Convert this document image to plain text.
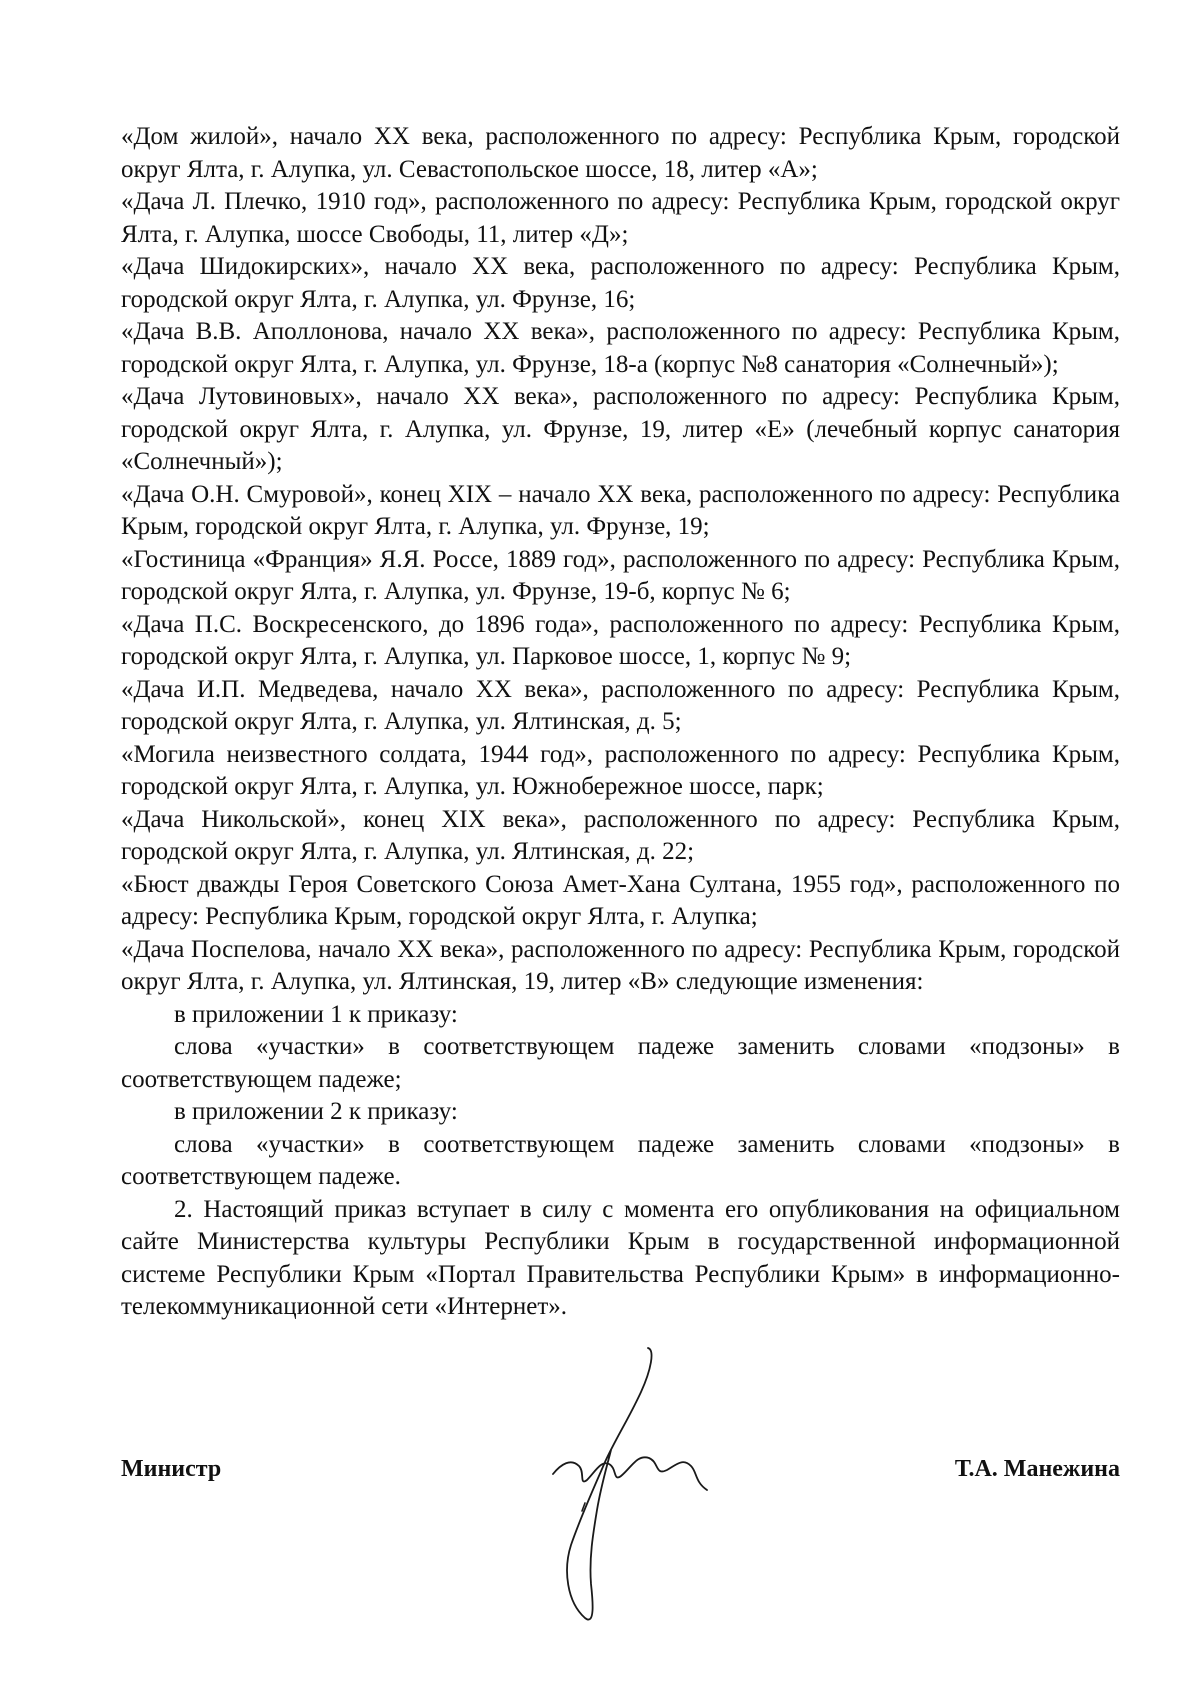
«Дом жилой», начало XX века, расположенного по адресу: Республика Крым, городской округ Ялта, г. Алупка, ул. Севастопольское шоссе, 18, литер «А»;

«Дача Л. Плечко, 1910 год», расположенного по адресу: Республика Крым, городской округ Ялта, г. Алупка, шоссе Свободы, 11, литер «Д»;

«Дача Шидокирских», начало XX века, расположенного по адресу: Республика Крым, городской округ Ялта, г. Алупка, ул. Фрунзе, 16;

«Дача В.В. Аполлонова, начало XX века», расположенного по адресу: Республика Крым, городской округ Ялта, г. Алупка, ул. Фрунзе, 18-а (корпус №8 санатория «Солнечный»);

«Дача Лутовиновых», начало XX века», расположенного по адресу: Республика Крым, городской округ Ялта, г. Алупка, ул. Фрунзе, 19, литер «Е» (лечебный корпус санатория «Солнечный»);

«Дача О.Н. Смуровой», конец XIX – начало XX века, расположенного по адресу: Республика Крым, городской округ Ялта, г. Алупка, ул. Фрунзе, 19;

«Гостиница «Франция» Я.Я. Россе, 1889 год», расположенного по адресу: Республика Крым, городской округ Ялта, г. Алупка, ул. Фрунзе, 19-б, корпус № 6;

«Дача П.С. Воскресенского, до 1896 года», расположенного по адресу: Республика Крым, городской округ Ялта, г. Алупка, ул. Парковое шоссе, 1, корпус № 9;

«Дача И.П. Медведева, начало XX века», расположенного по адресу: Республика Крым, городской округ Ялта, г. Алупка, ул. Ялтинская, д. 5;

«Могила неизвестного солдата, 1944 год», расположенного по адресу: Республика Крым, городской округ Ялта, г. Алупка, ул. Южнобережное шоссе, парк;

«Дача Никольской», конец XIX века», расположенного по адресу: Республика Крым, городской округ Ялта, г. Алупка, ул. Ялтинская, д. 22;

«Бюст дважды Героя Советского Союза Амет-Хана Султана, 1955 год», расположенного по адресу: Республика Крым, городской округ Ялта, г. Алупка;

«Дача Поспелова, начало XX века», расположенного по адресу: Республика Крым, городской округ Ялта, г. Алупка, ул. Ялтинская, 19, литер «В» следующие изменения:

в приложении 1 к приказу:

слова «участки» в соответствующем падеже заменить словами «подзоны» в соответствующем падеже;

в приложении 2 к приказу:

слова «участки» в соответствующем падеже заменить словами «подзоны» в соответствующем падеже.

2. Настоящий приказ вступает в силу с момента его опубликования на официальном сайте Министерства культуры Республики Крым в государственной информационной системе Республики Крым «Портал Правительства Республики Крым» в информационно-телекоммуникационной сети «Интернет».

Министр	Т.А. Манежина
